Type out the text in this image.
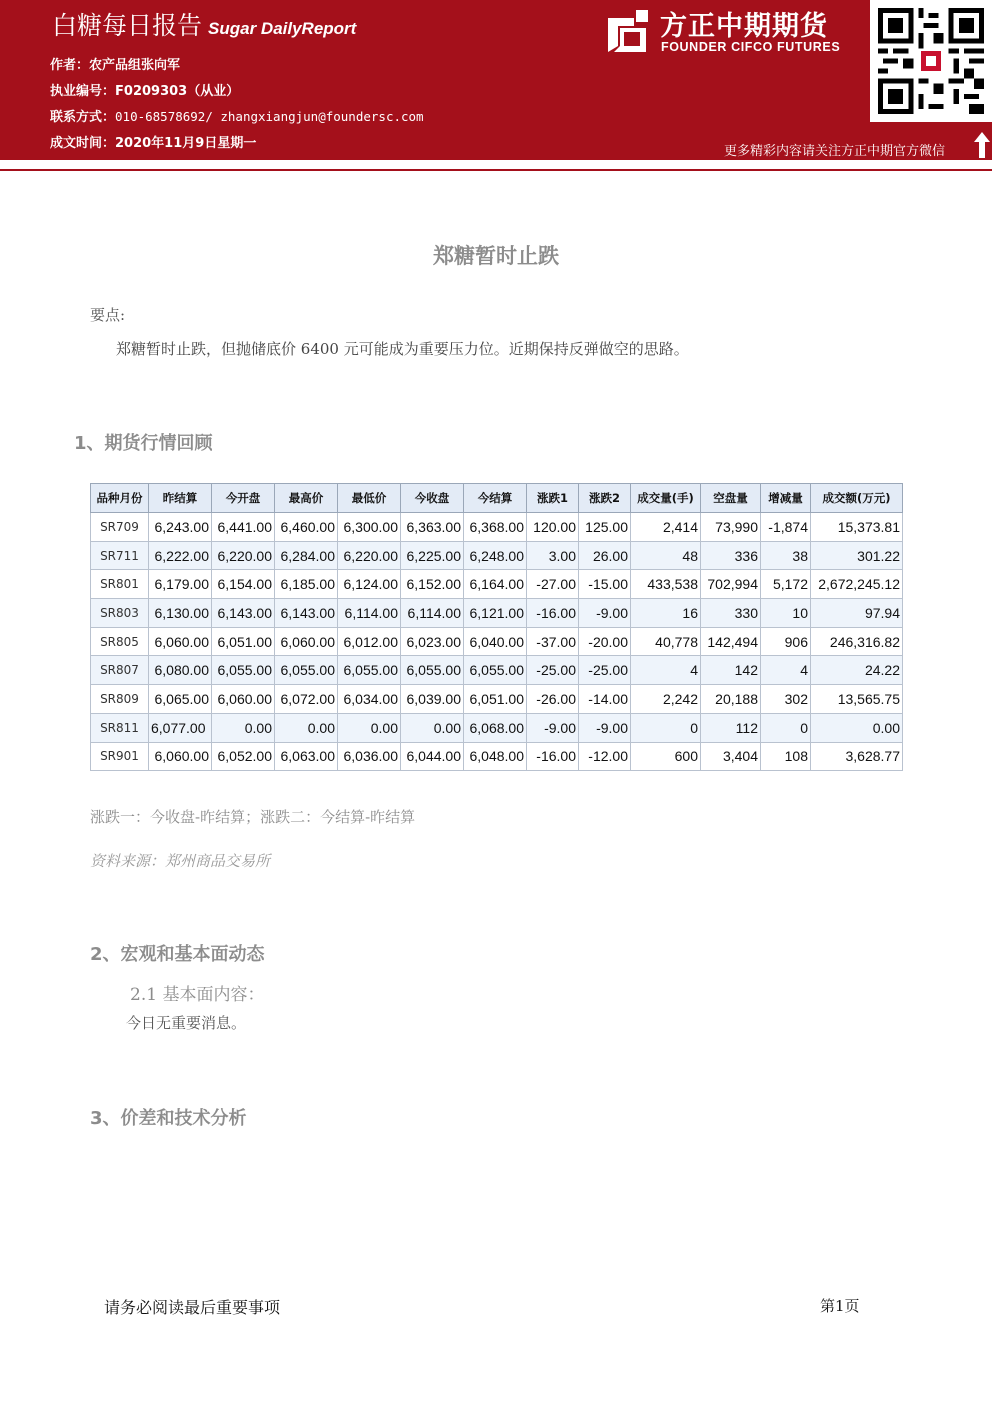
白糖每日报告 Sugar DailyReport
作者：农产品组张向军
执业编号：F0209303（从业）
联系方式：010-68578692/ zhangxiangjun@foundersc.com
成文时间：2020年11月9日星期一
方正中期期货
FOUNDER CIFCO FUTURES
更多精彩内容请关注方正中期官方微信
郑糖暂时止跌
要点:
郑糖暂时止跌，但抛储底价 6400 元可能成为重要压力位。近期保持反弹做空的思路。
1、期货行情回顾
品种月份	昨结算	今开盘	最高价	最低价	今收盘	今结算	涨跌1	涨跌2	成交量(手)	空盘量	增减量	成交额(万元)
SR709	6,243.00	6,441.00	6,460.00	6,300.00	6,363.00	6,368.00	120.00	125.00	2,414	73,990	-1,874	15,373.81
SR711	6,222.00	6,220.00	6,284.00	6,220.00	6,225.00	6,248.00	3.00	26.00	48	336	38	301.22
SR801	6,179.00	6,154.00	6,185.00	6,124.00	6,152.00	6,164.00	-27.00	-15.00	433,538	702,994	5,172	2,672,245.12
SR803	6,130.00	6,143.00	6,143.00	6,114.00	6,114.00	6,121.00	-16.00	-9.00	16	330	10	97.94
SR805	6,060.00	6,051.00	6,060.00	6,012.00	6,023.00	6,040.00	-37.00	-20.00	40,778	142,494	906	246,316.82
SR807	6,080.00	6,055.00	6,055.00	6,055.00	6,055.00	6,055.00	-25.00	-25.00	4	142	4	24.22
SR809	6,065.00	6,060.00	6,072.00	6,034.00	6,039.00	6,051.00	-26.00	-14.00	2,242	20,188	302	13,565.75
SR811	6,077.00	0.00	0.00	0.00	0.00	6,068.00	-9.00	-9.00	0	112	0	0.00
SR901	6,060.00	6,052.00	6,063.00	6,036.00	6,044.00	6,048.00	-16.00	-12.00	600	3,404	108	3,628.77
涨跌一：今收盘-昨结算；涨跌二：今结算-昨结算
资料来源：郑州商品交易所
2、宏观和基本面动态
2.1 基本面内容：
今日无重要消息。
3、价差和技术分析
请务必阅读最后重要事项	第1页
